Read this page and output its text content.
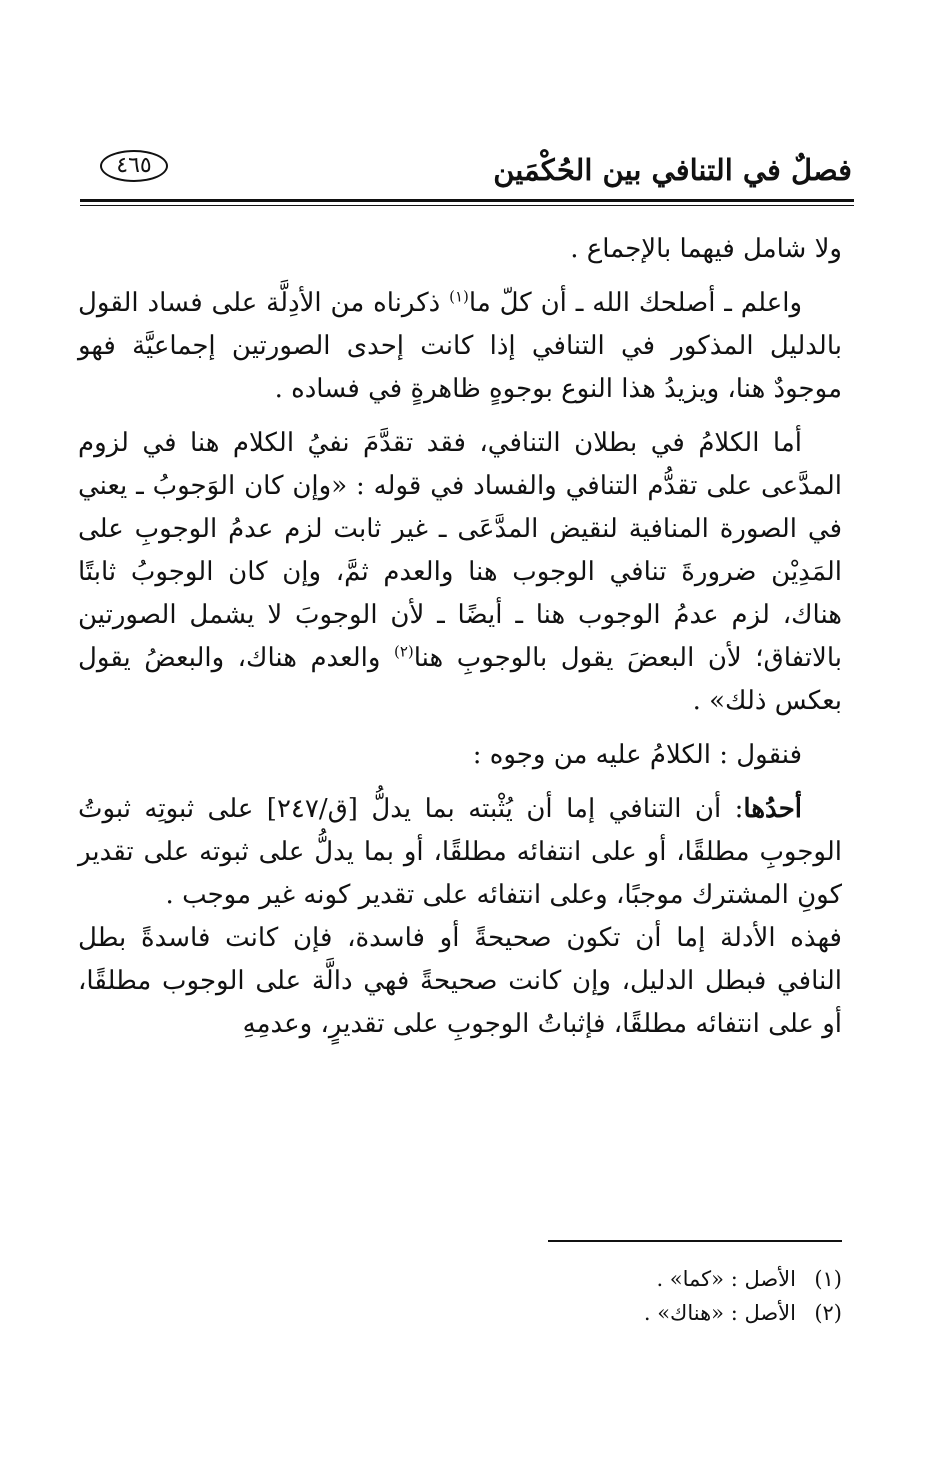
فصلٌ في التنافي بين الحُكْمَين
٤٦٥

ولا شامل فيهما بالإجماع .

واعلم ـ أصلحك الله ـ أن كلّ ما$^{(١)}$ ذكرناه من الأدِلَّة على فساد القول بالدليل المذكور في التنافي إذا كانت إحدى الصورتين إجماعيَّة فهو موجودٌ هنا، ويزيدُ هذا النوع بوجوهٍ ظاهرةٍ في فساده .

أما الكلامُ في بطلان التنافي، فقد تقدَّمَ نفيُ الكلام هنا في لزوم المدَّعى على تقدُّم التنافي والفساد في قوله : «وإن كان الوَجوبُ ـ يعني في الصورة المنافية لنقيض المدَّعَى ـ غير ثابت لزم عدمُ الوجوبِ على المَدِيْن ضرورةَ تنافي الوجوب هنا والعدم ثمَّ، وإن كان الوجوبُ ثابتًا هناك، لزم عدمُ الوجوب هنا ـ أيضًا ـ لأن الوجوبَ لا يشمل الصورتين بالاتفاق؛ لأن البعضَ يقول بالوجوبِ هنا$^{(٢)}$ والعدم هناك، والبعضُ يقول بعكس ذلك» .

فنقول : الكلامُ عليه من وجوه :

أحدُها: أن التنافي إما أن يُثْبته بما يدلُّ [ق/٢٤٧] على ثبوتِه ثبوتُ الوجوبِ مطلقًا، أو على انتفائه مطلقًا، أو بما يدلُّ على ثبوته على تقدير كونِ المشترك موجبًا، وعلى انتفائه على تقدير كونه غير موجب .

فهذه الأدلة إما أن تكون صحيحةً أو فاسدة، فإن كانت فاسدةً بطل النافي فبطل الدليل، وإن كانت صحيحةً فهي دالَّة على الوجوب مطلقًا، أو على انتفائه مطلقًا، فإثباتُ الوجوبِ على تقديرٍ، وعدمِهِ

(١)
الأصل : «كما» .
(٢)
الأصل : «هناك» .
